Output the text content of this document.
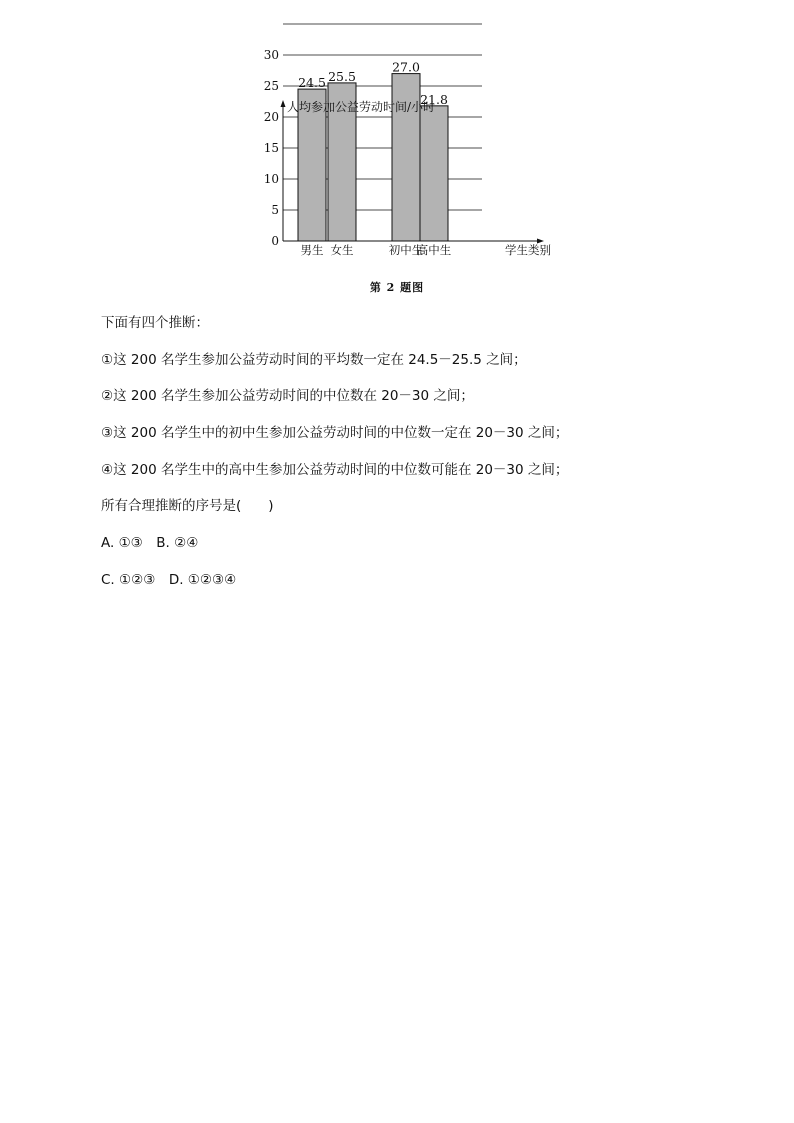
0
5
10
15
20
25
30
24.5 25.5
27.0
21.8
男生 女生	初中生
高中生
人均参加公益劳动时间/小时
学生类别
第 2 题图
下面有四个推断：
①这 200 名学生参加公益劳动时间的平均数一定在 24.5－25.5 之间；
②这 200 名学生参加公益劳动时间的中位数在 20－30 之间；
③这 200 名学生中的初中生参加公益劳动时间的中位数一定在 20－30 之间；
④这 200 名学生中的高中生参加公益劳动时间的中位数可能在 20－30 之间；
所有合理推断的序号是(　　)
A. ①③　B. ②④
C. ①②③　D. ①②③④
